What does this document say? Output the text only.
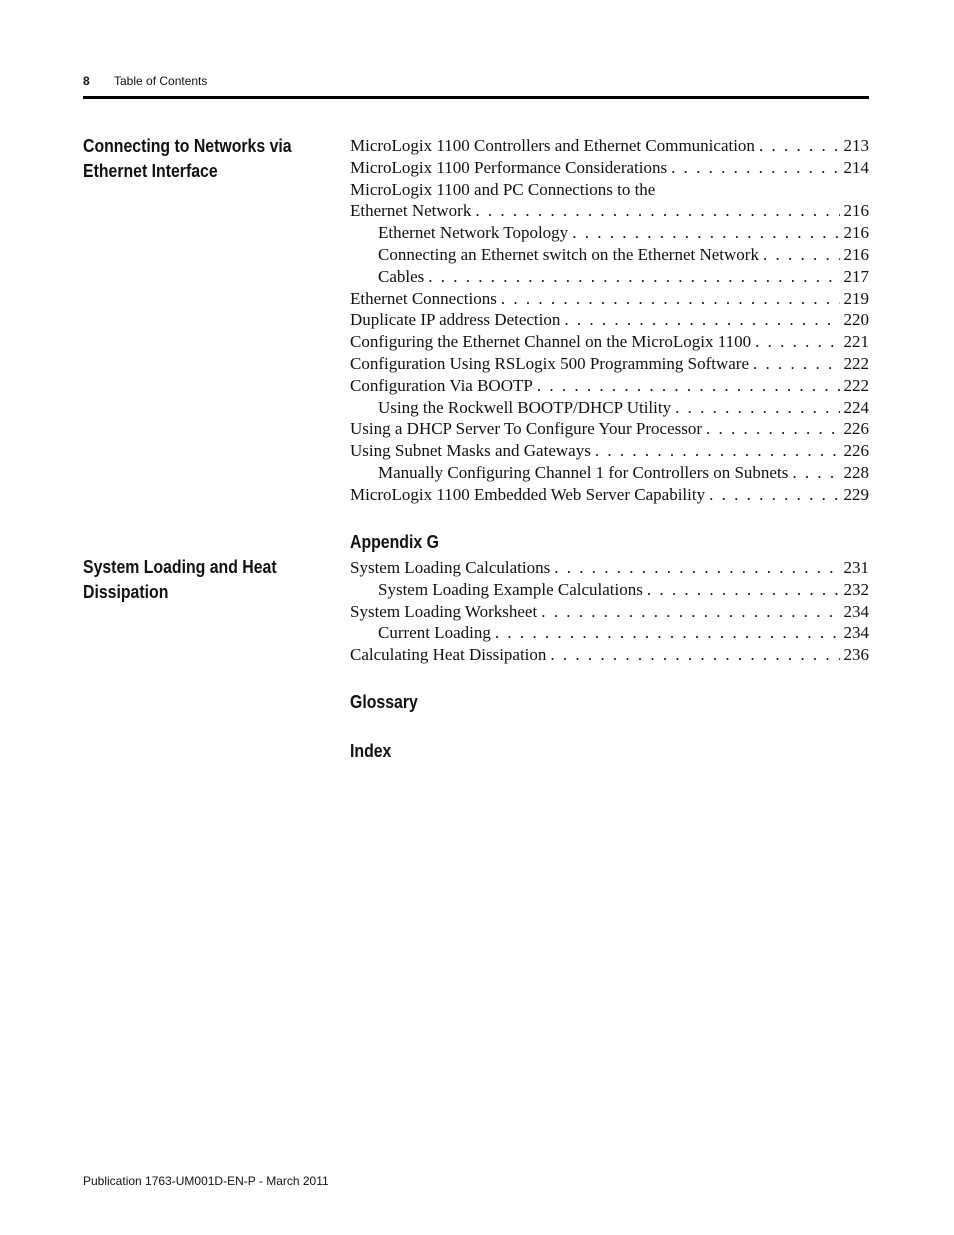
8 Table of Contents
Connecting to Networks via
Ethernet Interface
MicroLogix 1100 Controllers and Ethernet Communication . . .	213
MicroLogix 1100 Performance Considerations . . .	214
MicroLogix 1100 and PC Connections to the
Ethernet Network . . .	216
Ethernet Network Topology . . .	216
Connecting an Ethernet switch on the Ethernet Network . . .	216
Cables . . .	217
Ethernet Connections . . .	219
Duplicate IP address Detection . . .	220
Configuring the Ethernet Channel on the MicroLogix 1100 . . .	221
Configuration Using RSLogix 500 Programming Software . . .	222
Configuration Via BOOTP . . .	222
Using the Rockwell BOOTP/DHCP Utility . . .	224
Using a DHCP Server To Configure Your Processor . . .	226
Using Subnet Masks and Gateways . . .	226
Manually Configuring Channel 1 for Controllers on Subnets . . .	228
MicroLogix 1100 Embedded Web Server Capability . . .	229
Appendix G
System Loading and Heat
Dissipation
System Loading Calculations . . .	231
System Loading Example Calculations . . .	232
System Loading Worksheet . . .	234
Current Loading . . .	234
Calculating Heat Dissipation . . .	236
Glossary
Index
Publication 1763-UM001D-EN-P - March 2011
